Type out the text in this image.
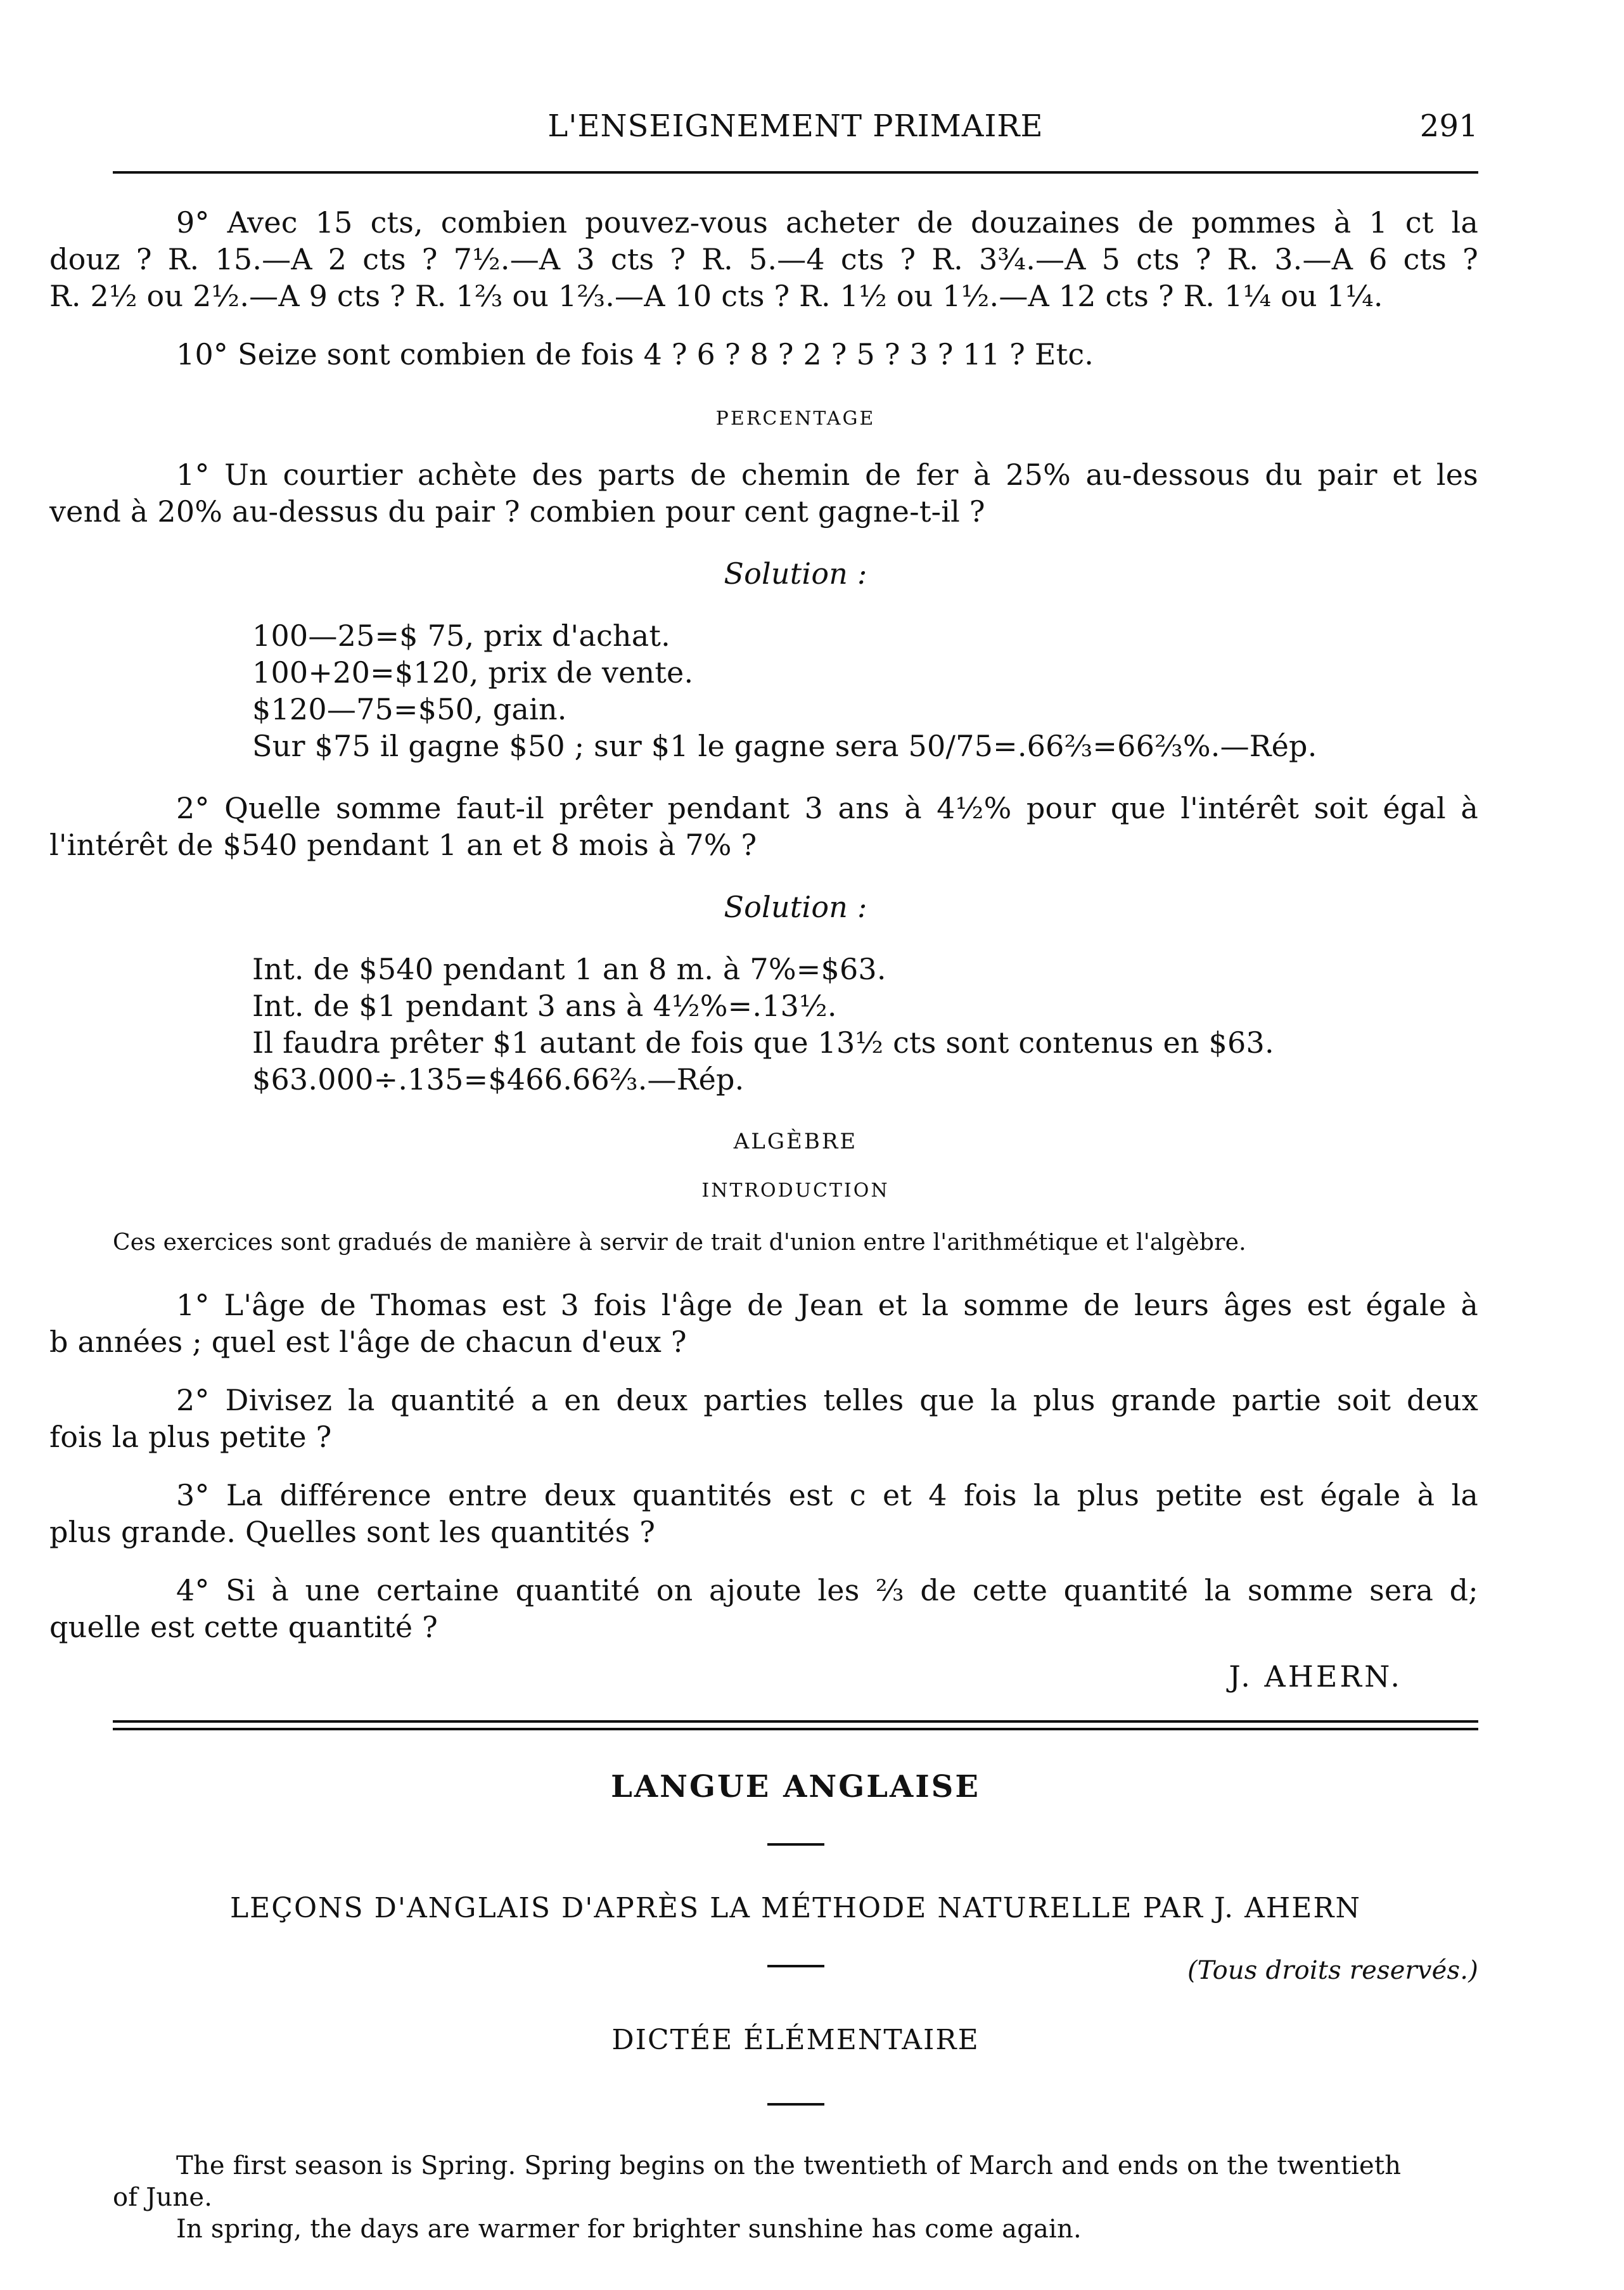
L'ENSEIGNEMENT PRIMAIRE	291
9° Avec 15 cts, combien pouvez-vous acheter de douzaines de pommes à 1 ct la
douz ? R. 15.—A 2 cts ? 7½.—A 3 cts ? R. 5.—4 cts ? R. 3¾.—A 5 cts ? R. 3.—A 6 cts ?
R. 2½ ou 2½.—A 9 cts ? R. 1⅔ ou 1⅔.—A 10 cts ? R. 1½ ou 1½.—A 12 cts ? R. 1¼ ou 1¼.
10° Seize sont combien de fois 4 ? 6 ? 8 ? 2 ? 5 ? 3 ? 11 ? Etc.
PERCENTAGE
1° Un courtier achète des parts de chemin de fer à 25% au-dessous du pair et les
vend à 20% au-dessus du pair ? combien pour cent gagne-t-il ?
Solution :
100—25=$ 75, prix d'achat.
100+20=$120, prix de vente.
$120—75=$50, gain.
Sur $75 il gagne $50 ; sur $1 le gagne sera 50/75=.66⅔=66⅔%.—Rép.
2° Quelle somme faut-il prêter pendant 3 ans à 4½% pour que l'intérêt soit égal à
l'intérêt de $540 pendant 1 an et 8 mois à 7% ?
Solution :
Int. de $540 pendant 1 an 8 m. à 7%=$63.
Int. de $1 pendant 3 ans à 4½%=.13½.
Il faudra prêter $1 autant de fois que 13½ cts sont contenus en $63.
$63.000÷.135=$466.66⅔.—Rép.
ALGÈBRE
INTRODUCTION
Ces exercices sont gradués de manière à servir de trait d'union entre l'arithmétique et l'algèbre.
1° L'âge de Thomas est 3 fois l'âge de Jean et la somme de leurs âges est égale à
b années ; quel est l'âge de chacun d'eux ?
2° Divisez la quantité a en deux parties telles que la plus grande partie soit deux
fois la plus petite ?
3° La différence entre deux quantités est c et 4 fois la plus petite est égale à la
plus grande. Quelles sont les quantités ?
4° Si à une certaine quantité on ajoute les ⅔ de cette quantité la somme sera d;
quelle est cette quantité ?
J. AHERN.
LANGUE ANGLAISE
LEÇONS D'ANGLAIS D'APRÈS LA MÉTHODE NATURELLE PAR J. AHERN
(Tous droits reservés.)
DICTÉE ÉLÉMENTAIRE
The first season is Spring. Spring begins on the twentieth of March and ends on the twentieth
of June.
In spring, the days are warmer for brighter sunshine has come again.
